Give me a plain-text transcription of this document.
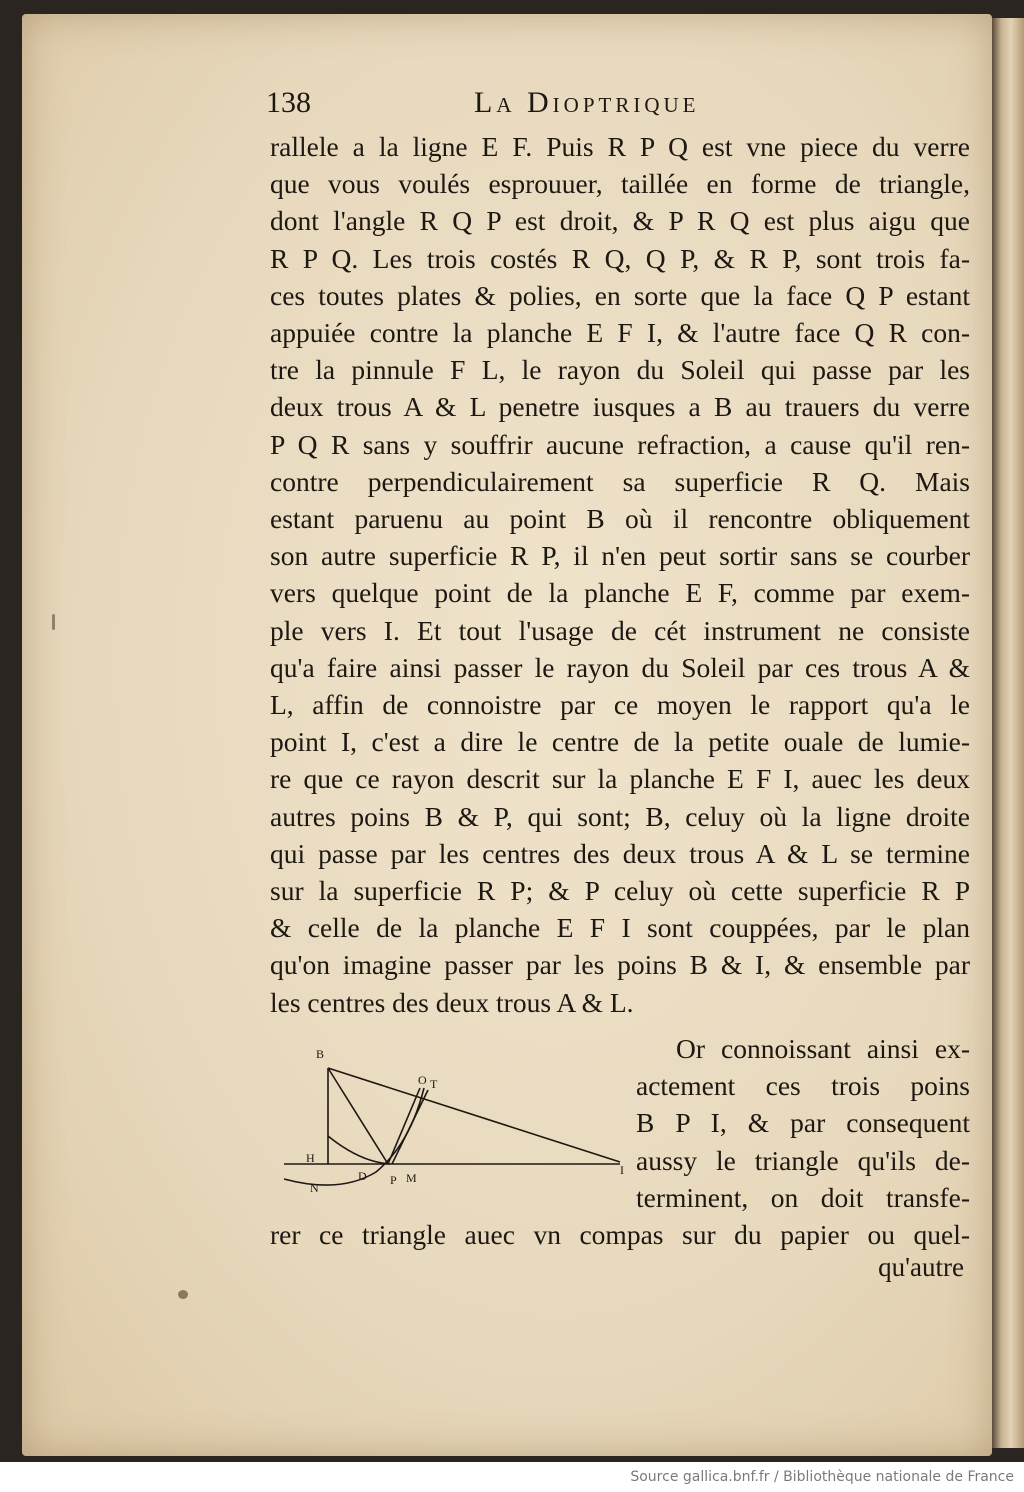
138	La Dioptrique
rallele a la ligne E F. Puis R P Q est vne piece du verre
que vous voulés esprouuer, taillée en forme de triangle,
dont l'angle R Q P est droit, & P R Q est plus aigu que
R P Q. Les trois costés R Q, Q P, & R P, sont trois fa-
ces toutes plates & polies, en sorte que la face Q P estant
appuiée contre la planche E F I, & l'autre face Q R con-
tre la pinnule F L, le rayon du Soleil qui passe par les
deux trous A & L penetre iusques a B au trauers du verre
P Q R sans y souffrir aucune refraction, a cause qu'il ren-
contre perpendiculairement sa superficie R Q. Mais
estant paruenu au point B où il rencontre obliquement
son autre superficie R P, il n'en peut sortir sans se courber
vers quelque point de la planche E F, comme par exem-
ple vers I. Et tout l'usage de cét instrument ne consiste
qu'a faire ainsi passer le rayon du Soleil par ces trous A &
L, affin de connoistre par ce moyen le rapport qu'a le
point I, c'est a dire le centre de la petite ouale de lumie-
re que ce rayon descrit sur la planche E F I, auec les deux
autres poins B & P, qui sont; B, celuy où la ligne droite
qui passe par les centres des deux trous A & L se termine
sur la superficie R P; & P celuy où cette superficie R P
& celle de la planche E F I sont couppées, par le plan
qu'on imagine passer par les poins B & I, & ensemble par
les centres des deux trous A & L.
B
O T
H
D P M
N
I
Or connoissant ainsi ex-
actement ces trois poins
B P I, & par consequent
aussy le triangle qu'ils de-
terminent, on doit transfe-
rer ce triangle auec vn compas sur du papier ou quel-
qu'autre
Source gallica.bnf.fr / Bibliothèque nationale de France
